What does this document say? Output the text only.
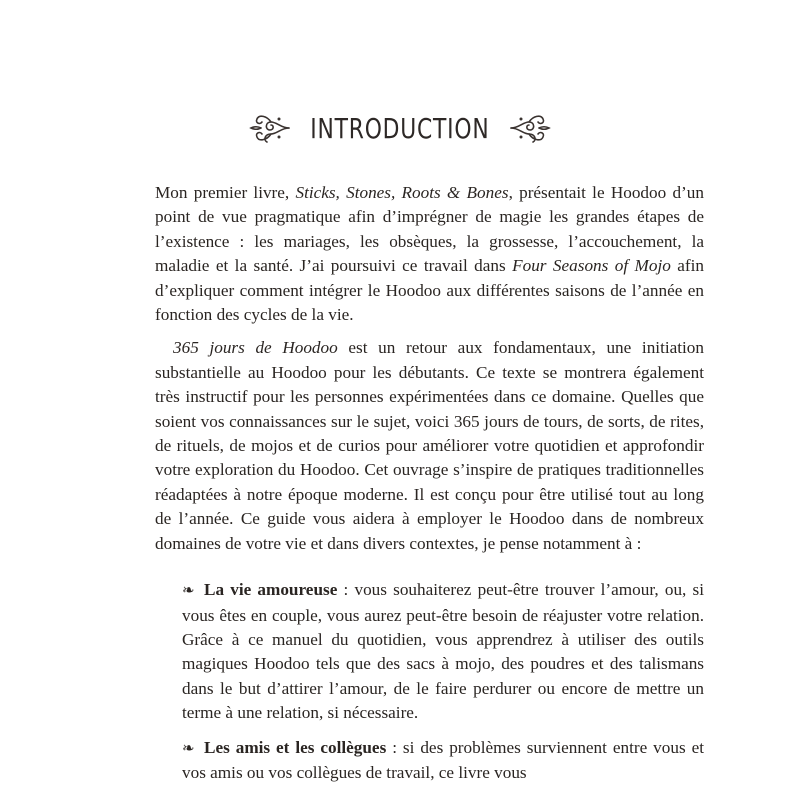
INTRODUCTION

Mon premier livre, Sticks, Stones, Roots & Bones, présentait le Hoodoo d’un point de vue pragmatique afin d’imprégner de magie les grandes étapes de l’existence : les mariages, les obsèques, la grossesse, l’accouchement, la maladie et la santé. J’ai poursuivi ce travail dans Four Seasons of Mojo afin d’expliquer comment intégrer le Hoodoo aux différentes saisons de l’année en fonction des cycles de la vie.

365 jours de Hoodoo est un retour aux fondamentaux, une initiation substantielle au Hoodoo pour les débutants. Ce texte se montrera également très instructif pour les personnes expérimentées dans ce domaine. Quelles que soient vos connaissances sur le sujet, voici 365 jours de tours, de sorts, de rites, de rituels, de mojos et de curios pour améliorer votre quotidien et approfondir votre exploration du Hoodoo. Cet ouvrage s’inspire de pratiques traditionnelles réadaptées à notre époque moderne. Il est conçu pour être utilisé tout au long de l’année. Ce guide vous aidera à employer le Hoodoo dans de nombreux domaines de votre vie et dans divers contextes, je pense notamment à :

❧ La vie amoureuse : vous souhaiterez peut-être trouver l’amour, ou, si vous êtes en couple, vous aurez peut-être besoin de réajuster votre relation. Grâce à ce manuel du quotidien, vous apprendrez à utiliser des outils magiques Hoodoo tels que des sacs à mojo, des poudres et des talismans dans le but d’attirer l’amour, de le faire perdurer ou encore de mettre un terme à une relation, si nécessaire.

❧ Les amis et les collègues : si des problèmes surviennent entre vous et vos amis ou vos collègues de travail, ce livre vous
